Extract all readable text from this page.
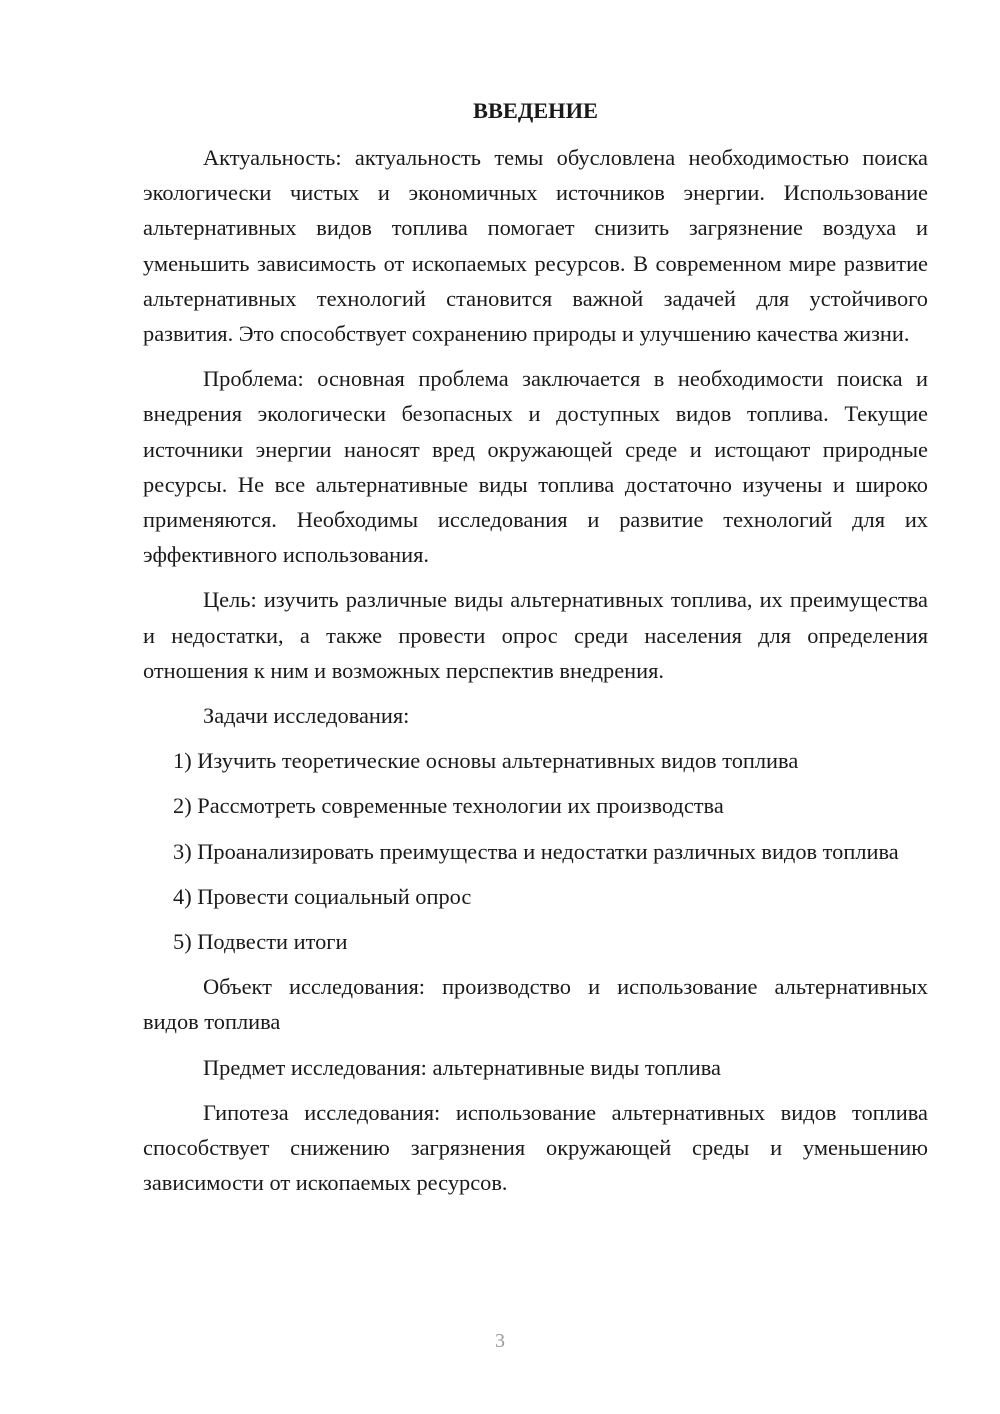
ВВЕДЕНИЕ

Актуальность: актуальность темы обусловлена необходимостью поиска экологически чистых и экономичных источников энергии. Использование альтернативных видов топлива помогает снизить загрязнение воздуха и уменьшить зависимость от ископаемых ресурсов. В современном мире развитие альтернативных технологий становится важной задачей для устойчивого развития. Это способствует сохранению природы и улучшению качества жизни.

Проблема: основная проблема заключается в необходимости поиска и внедрения экологически безопасных и доступных видов топлива. Текущие источники энергии наносят вред окружающей среде и истощают природные ресурсы. Не все альтернативные виды топлива достаточно изучены и широко применяются. Необходимы исследования и развитие технологий для их эффективного использования.

Цель: изучить различные виды альтернативных топлива, их преимущества и недостатки, а также провести опрос среди населения для определения отношения к ним и возможных перспектив внедрения.

Задачи исследования:

1) Изучить теоретические основы альтернативных видов топлива

2) Рассмотреть современные технологии их производства

3) Проанализировать преимущества и недостатки различных видов топлива

4) Провести социальный опрос

5) Подвести итоги

Объект исследования: производство и использование альтернативных видов топлива

Предмет исследования: альтернативные виды топлива

Гипотеза исследования: использование альтернативных видов топлива способствует снижению загрязнения окружающей среды и уменьшению зависимости от ископаемых ресурсов.

3
